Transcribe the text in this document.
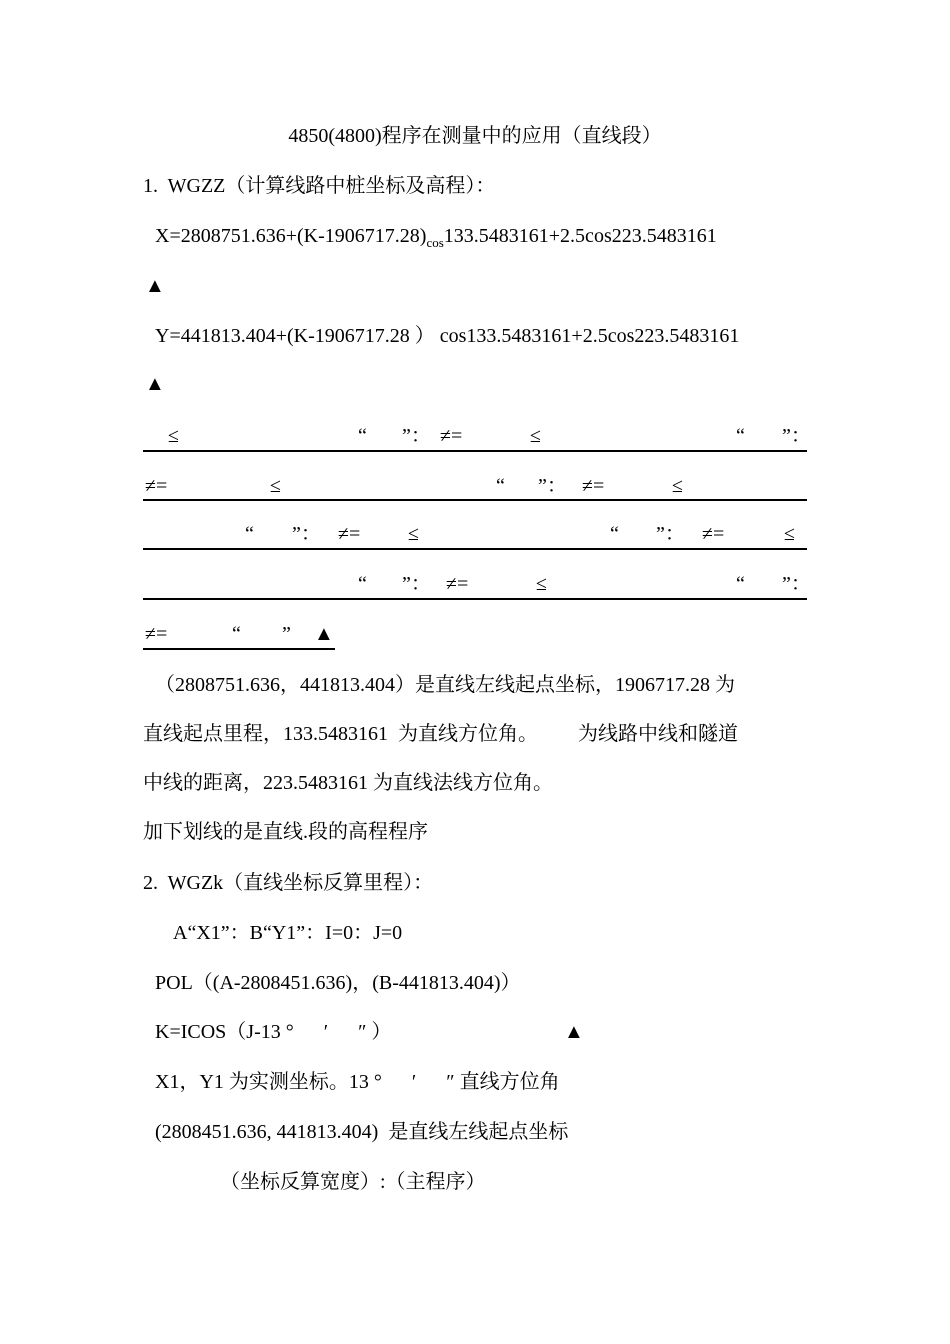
4850(4800)程序在测量中的应用（直线段）
1.  WGZZ（计算线路中桩坐标及高程）：
$X=2808751.636+(K-1906717.28)_{cos}133.5483161+2.5\cos 223.5483161$
▲
Y=441813.404+(K-1906717.28 ） cos133.5483161+2.5cos223.5483161
▲
≤	“ ”： ≠=	≤	“ ”：
≠=	≤	“ ”： ≠=	≤
“ ”： ≠= ≤	“ ”： ≠=	≤
“ ”： ≠=	≤	“ ”：
≠=	“ ” ▲
（2808751.636，441813.404）是直线左线起点坐标，1906717.28 为
直线起点里程，133.5483161  为直线方位角。        为线路中线和隧道
中线的距离，223.5483161 为直线法线方位角。
加下划线的是直线.段的高程程序
2.  WGZk（直线坐标反算里程）：
A“X1”：B“Y1”：I=0：J=0
POL（(A-2808451.636)，(B-441813.404)）
K=ICOS（J-13 °      ′      ″ ）	▲
X1，Y1 为实测坐标。13 °      ′      ″ 直线方位角
(2808451.636, 441813.404)  是直线左线起点坐标
（坐标反算宽度）:（主程序）
